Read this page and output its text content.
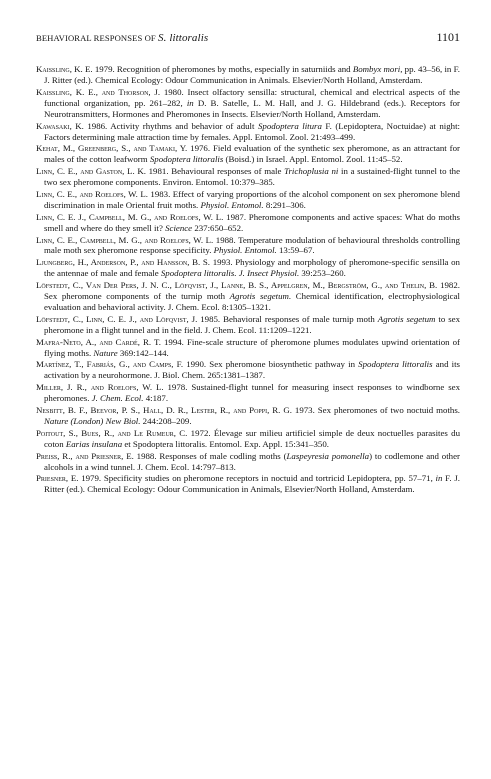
BEHAVIORAL RESPONSES OF S. littoralis	1101

Kaissling, K. E. 1979. Recognition of pheromones by moths, especially in saturniids and Bombyx mori, pp. 43–56, in F. J. Ritter (ed.). Chemical Ecology: Odour Communication in Animals. Elsevier/North Holland, Amsterdam.

Kaissling, K. E., and Thorson, J. 1980. Insect olfactory sensilla: structural, chemical and electrical aspects of the functional organization, pp. 261–282, in D. B. Satelle, L. M. Hall, and J. G. Hildebrand (eds.). Receptors for Neurotransmitters, Hormones and Pheromones in Insects. Elsevier/North Holland, Amsterdam.

Kawasaki, K. 1986. Activity rhythms and behavior of adult Spodoptera litura F. (Lepidoptera, Noctuidae) at night: Factors determining male attraction time by females. Appl. Entomol. Zool. 21:493–499.

Kehat, M., Greenberg, S., and Tamaki, Y. 1976. Field evaluation of the synthetic sex pheromone, as an attractant for males of the cotton leafworm Spodoptera littoralis (Boisd.) in Israel. Appl. Entomol. Zool. 11:45–52.

Linn, C. E., and Gaston, L. K. 1981. Behavioural responses of male Trichoplusia ni in a sustained-flight tunnel to the two sex pheromone components. Environ. Entomol. 10:379–385.

Linn, C. E., and Roelofs, W. L. 1983. Effect of varying proportions of the alcohol component on sex pheromone blend discrimination in male Oriental fruit moths. Physiol. Entomol. 8:291–306.

Linn, C. E. J., Campbell, M. G., and Roelofs, W. L. 1987. Pheromone components and active spaces: What do moths smell and where do they smell it? Science 237:650–652.

Linn, C. E., Campbell, M. G., and Roelofs, W. L. 1988. Temperature modulation of behavioural thresholds controlling male moth sex pheromone response specificity. Physiol. Entomol. 13:59–67.

Ljungberg, H., Anderson, P., and Hansson, B. S. 1993. Physiology and morphology of pheromone-specific sensilla on the antennae of male and female Spodoptera littoralis. J. Insect Physiol. 39:253–260.

Löfstedt, C., Van Der Pers, J. N. C., Löfqvist, J., Lanne, B. S., Appelgren, M., Bergström, G., and Thelin, B. 1982. Sex pheromone components of the turnip moth Agrotis segetum. Chemical identification, electrophysiological evaluation and behavioral activity. J. Chem. Ecol. 8:1305–1321.

Löfstedt, C., Linn, C. E. J., and Löfqvist, J. 1985. Behavioral responses of male turnip moth Agrotis segetum to sex pheromone in a flight tunnel and in the field. J. Chem. Ecol. 11:1209–1221.

Mafra-Neto, A., and Cardé, R. T. 1994. Fine-scale structure of pheromone plumes modulates upwind orientation of flying moths. Nature 369:142–144.

Martínez, T., Fabriás, G., and Camps, F. 1990. Sex pheromone biosynthetic pathway in Spodoptera littoralis and its activation by a neurohormone. J. Biol. Chem. 265:1381–1387.

Miller, J. R., and Roelofs, W. L. 1978. Sustained-flight tunnel for measuring insect responses to windborne sex pheromones. J. Chem. Ecol. 4:187.

Nesbitt, B. F., Beevor, P. S., Hall, D. R., Lester, R., and Poppi, R. G. 1973. Sex pheromones of two noctuid moths. Nature (London) New Biol. 244:208–209.

Poitout, S., Bues, R., and Le Rumeur, C. 1972. Élevage sur milieu artificiel simple de deux noctuelles parasites du coton Earias insulana et Spodoptera littoralis. Entomol. Exp. Appl. 15:341–350.

Preiss, R., and Priesner, E. 1988. Responses of male codling moths (Laspeyresia pomonella) to codlemone and other alcohols in a wind tunnel. J. Chem. Ecol. 14:797–813.

Priesner, E. 1979. Specificity studies on pheromone receptors in noctuid and tortricid Lepidoptera, pp. 57–71, in F. J. Ritter (ed.). Chemical Ecology: Odour Communication in Animals, Elsevier/North Holland, Amsterdam.
